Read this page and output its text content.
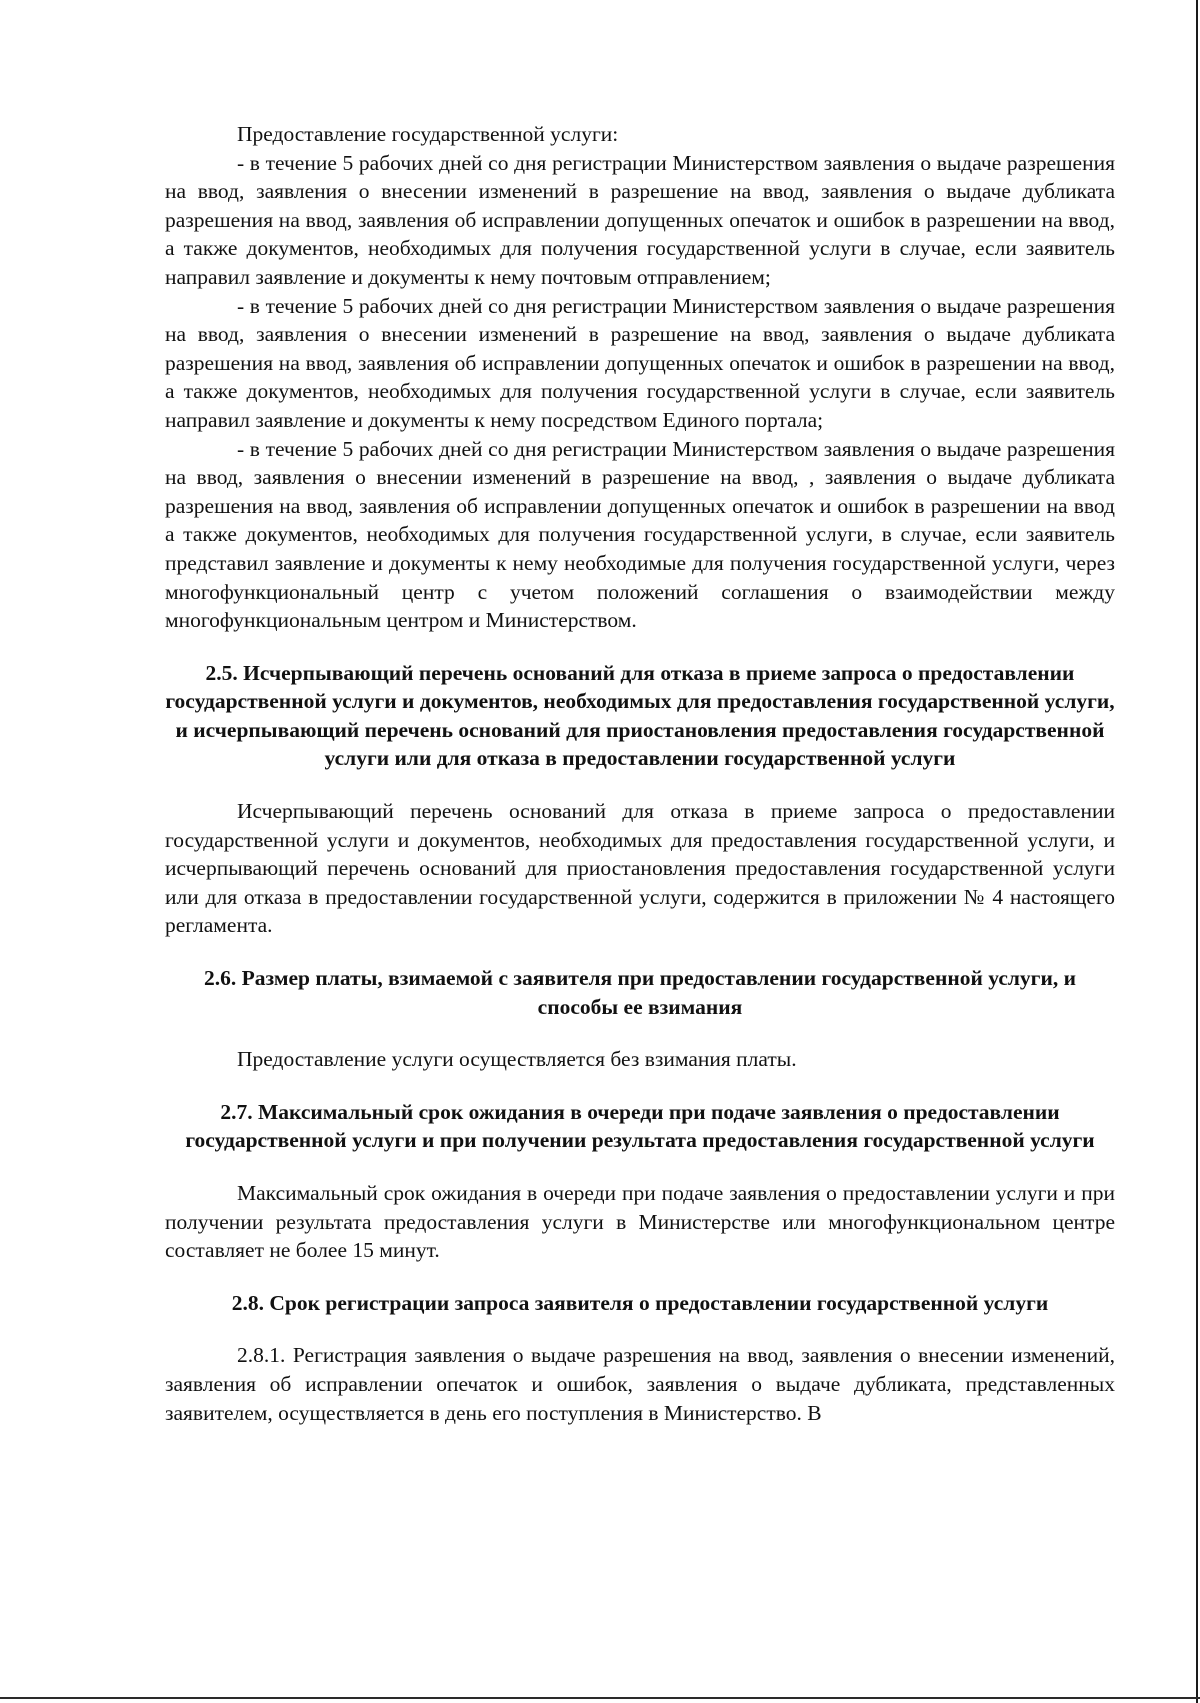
Предоставление государственной услуги:

- в течение 5 рабочих дней со дня регистрации Министерством заявления о выдаче разрешения на ввод, заявления о внесении изменений в разрешение на ввод, заявления о выдаче дубликата разрешения на ввод, заявления об исправлении допущенных опечаток и ошибок в разрешении на ввод, а также документов, необходимых для получения государственной услуги в случае, если заявитель направил заявление и документы к нему почтовым отправлением;

- в течение 5 рабочих дней со дня регистрации Министерством заявления о выдаче разрешения на ввод, заявления о внесении изменений в разрешение на ввод, заявления о выдаче дубликата разрешения на ввод, заявления об исправлении допущенных опечаток и ошибок в разрешении на ввод, а также документов, необходимых для получения государственной услуги в случае, если заявитель направил заявление и документы к нему посредством Единого портала;

- в течение 5 рабочих дней со дня регистрации Министерством заявления о выдаче разрешения на ввод, заявления о внесении изменений в разрешение на ввод, , заявления о выдаче дубликата разрешения на ввод, заявления об исправлении допущенных опечаток и ошибок в разрешении на ввод а также документов, необходимых для получения государственной услуги, в случае, если заявитель представил заявление и документы к нему необходимые для получения государственной услуги, через многофункциональный центр с учетом положений соглашения о взаимодействии между многофункциональным центром и Министерством.

2.5. Исчерпывающий перечень оснований для отказа в приеме запроса о предоставлении государственной услуги и документов, необходимых для предоставления государственной услуги, и исчерпывающий перечень оснований для приостановления предоставления государственной услуги или для отказа в предоставлении государственной услуги

Исчерпывающий перечень оснований для отказа в приеме запроса о предоставлении государственной услуги и документов, необходимых для предоставления государственной услуги, и исчерпывающий перечень оснований для приостановления предоставления государственной услуги или для отказа в предоставлении государственной услуги, содержится в приложении № 4 настоящего регламента.

2.6. Размер платы, взимаемой с заявителя при предоставлении государственной услуги, и способы ее взимания

Предоставление услуги осуществляется без взимания платы.

2.7. Максимальный срок ожидания в очереди при подаче заявления о предоставлении государственной услуги и при получении результата предоставления государственной услуги

Максимальный срок ожидания в очереди при подаче заявления о предоставлении услуги и при получении результата предоставления услуги в Министерстве или многофункциональном центре составляет не более 15 минут.

2.8. Срок регистрации запроса заявителя о предоставлении государственной услуги

2.8.1. Регистрация заявления о выдаче разрешения на ввод, заявления о внесении изменений, заявления об исправлении опечаток и ошибок, заявления о выдаче дубликата, представленных заявителем, осуществляется в день его поступления в Министерство. В
